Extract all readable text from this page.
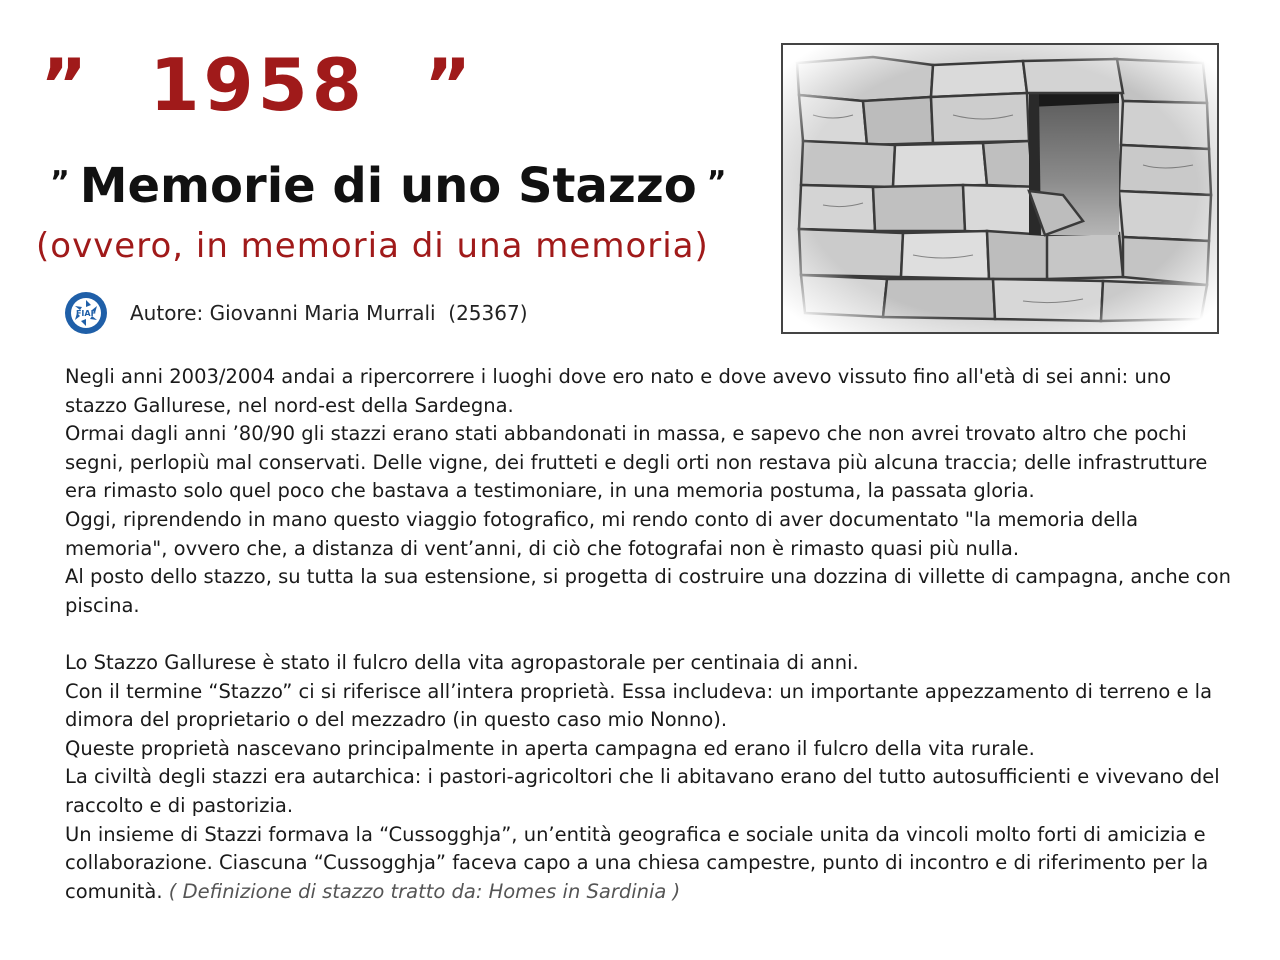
”  1958  ”
” Memorie di uno Stazzo ”
(ovvero, in memoria di una memoria)
FIAF Autore: Giovanni Maria Murrali  (25367)

Negli anni 2003/2004 andai a ripercorrere i luoghi dove ero nato e dove avevo vissuto fino all'età di sei anni: uno stazzo Gallurese, nel nord-est della Sardegna.

Ormai dagli anni ’80/90 gli stazzi erano stati abbandonati in massa, e sapevo che non avrei trovato altro che pochi segni, perlopiù mal conservati. Delle vigne, dei frutteti e degli orti non restava più alcuna traccia; delle infrastrutture era rimasto solo quel poco che bastava a testimoniare, in una memoria postuma, la passata gloria.

Oggi, riprendendo in mano questo viaggio fotografico, mi rendo conto di aver documentato "la memoria della memoria", ovvero che, a distanza di vent’anni, di ciò che fotografai non è rimasto quasi più nulla.

Al posto dello stazzo, su tutta la sua estensione, si progetta di costruire una dozzina di villette di campagna, anche con piscina.

Lo Stazzo Gallurese è stato il fulcro della vita agropastorale per centinaia di anni.

Con il termine “Stazzo” ci si riferisce all’intera proprietà. Essa includeva: un importante appezzamento di terreno e la dimora del proprietario o del mezzadro (in questo caso mio Nonno).

Queste proprietà nascevano principalmente in aperta campagna ed erano il fulcro della vita rurale.

La civiltà degli stazzi era autarchica: i pastori-agricoltori che li abitavano erano del tutto autosufficienti e vivevano del raccolto e di pastorizia.

Un insieme di Stazzi formava la “Cussogghja”, un’entità geografica e sociale unita da vincoli molto forti di amicizia e collaborazione. Ciascuna “Cussogghja” faceva capo a una chiesa campestre, punto di incontro e di riferimento per la comunità. ( Definizione di stazzo tratto da: Homes in Sardinia )
